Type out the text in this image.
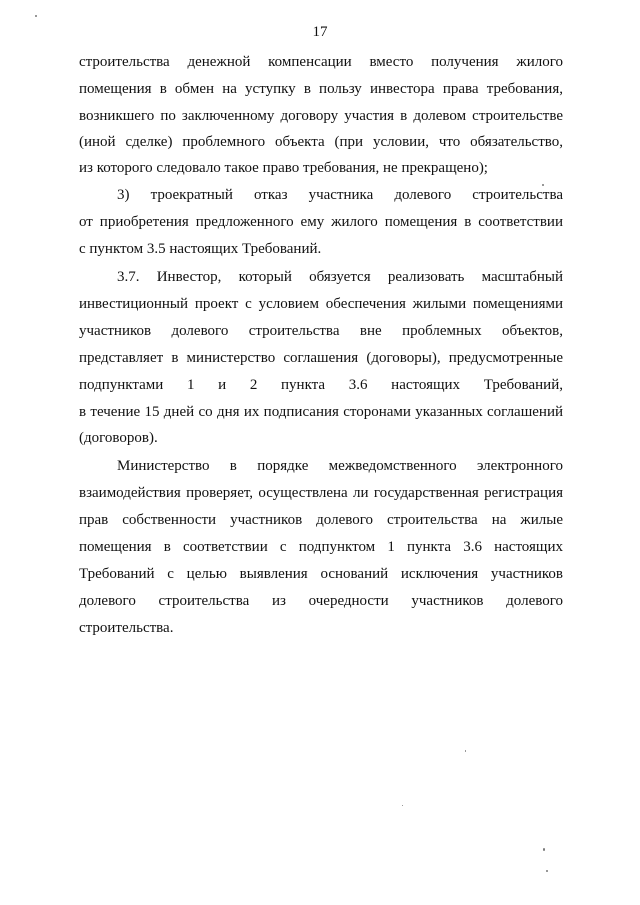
17
строительства денежной компенсации вместо получения жилого
помещения в обмен на уступку в пользу инвестора права требования,
возникшего по заключенному договору участия в долевом строительстве
(иной сделке) проблемного объекта (при условии, что обязательство,
из которого следовало такое право требования, не прекращено);
3) троекратный отказ участника долевого строительства
от приобретения предложенного ему жилого помещения в соответствии
с пунктом 3.5 настоящих Требований.
3.7. Инвестор, который обязуется реализовать масштабный
инвестиционный проект с условием обеспечения жилыми помещениями
участников долевого строительства вне проблемных объектов,
представляет в министерство соглашения (договоры), предусмотренные
подпунктами 1 и 2 пункта 3.6 настоящих Требований,
в течение 15 дней со дня их подписания сторонами указанных соглашений
(договоров).
Министерство в порядке межведомственного электронного
взаимодействия проверяет, осуществлена ли государственная регистрация
прав собственности участников долевого строительства на жилые
помещения в соответствии с подпунктом 1 пункта 3.6 настоящих
Требований с целью выявления оснований исключения участников
долевого строительства из очередности участников долевого
строительства.
